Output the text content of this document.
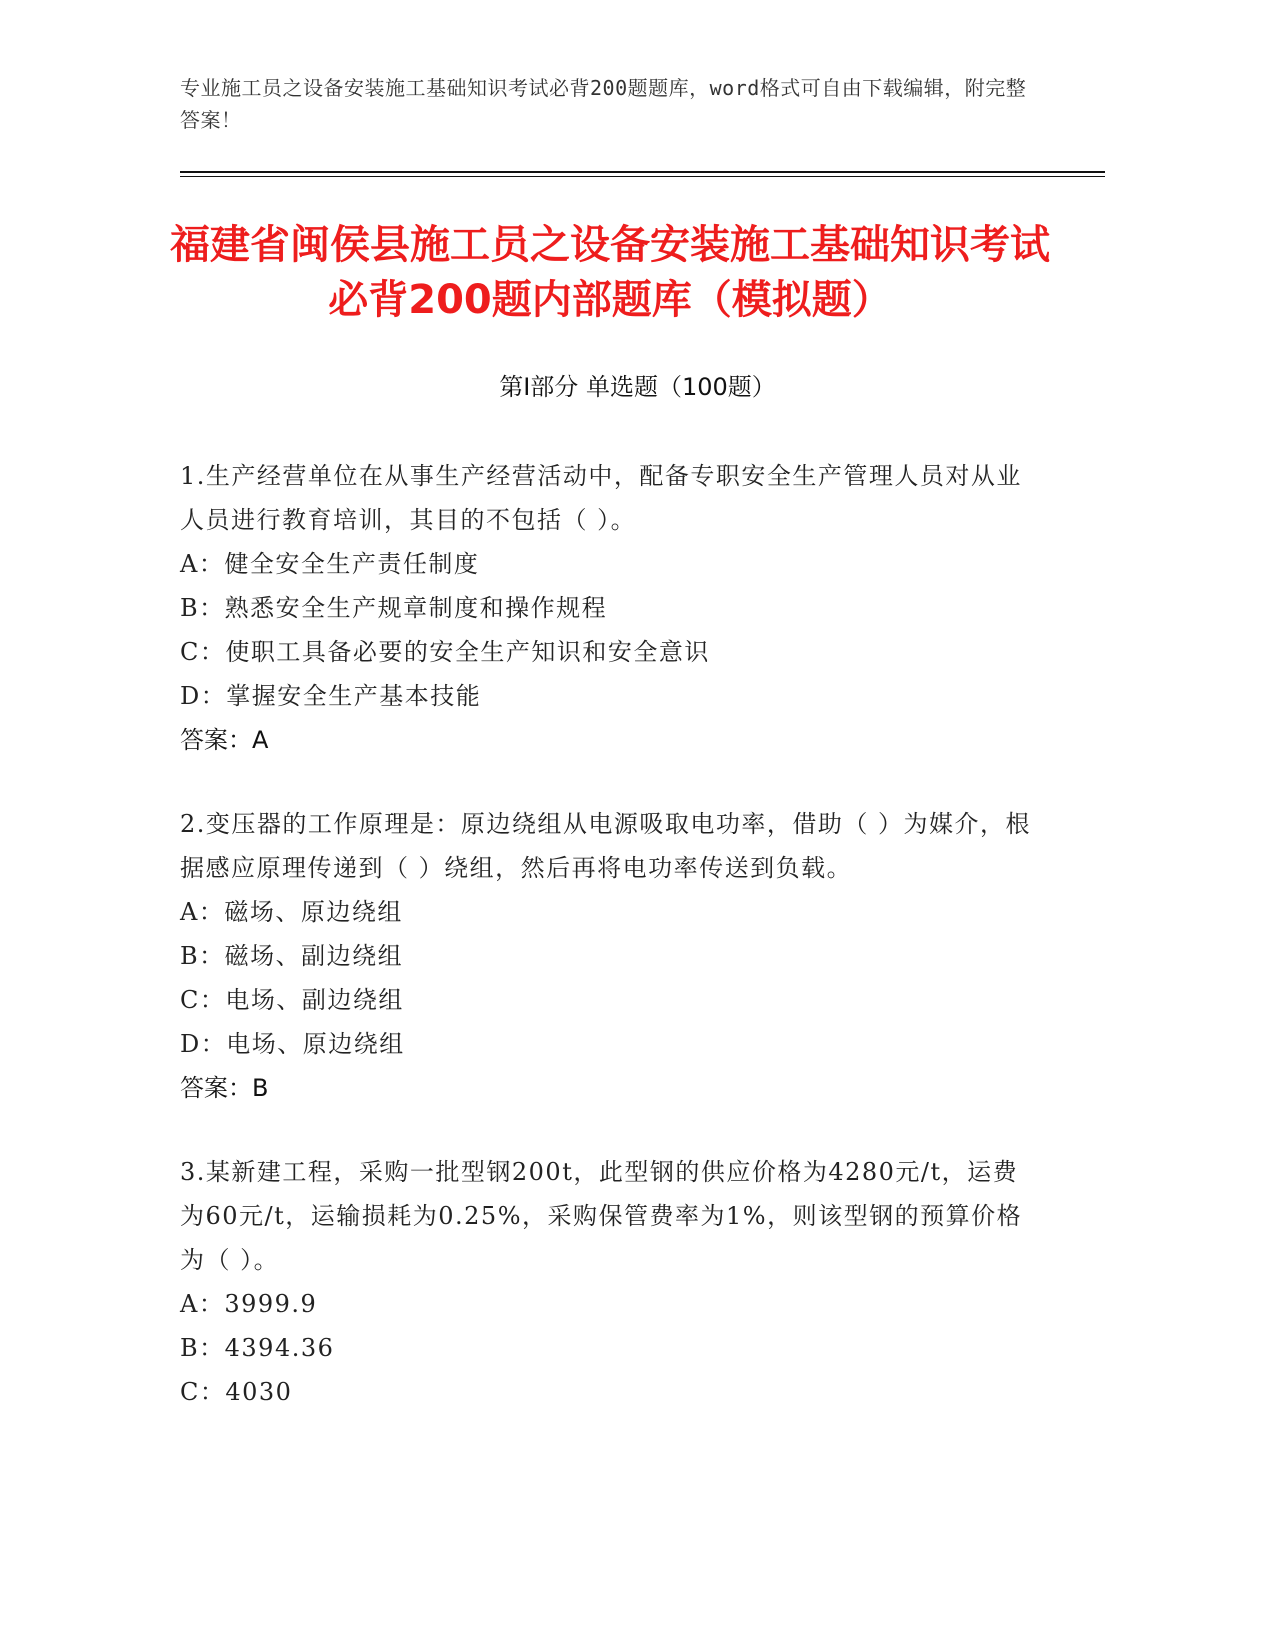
专业施工员之设备安装施工基础知识考试必背200题题库，word格式可自由下载编辑，附完整答案！
福建省闽侯县施工员之设备安装施工基础知识考试必背200题内部题库（模拟题）
第I部分 单选题（100题）
1.生产经营单位在从事生产经营活动中，配备专职安全生产管理人员对从业人员进行教育培训，其目的不包括（ ）。
A：健全安全生产责任制度
B：熟悉安全生产规章制度和操作规程
C：使职工具备必要的安全生产知识和安全意识
D：掌握安全生产基本技能
答案：A
2.变压器的工作原理是：原边绕组从电源吸取电功率，借助（ ）为媒介，根据感应原理传递到（ ）绕组，然后再将电功率传送到负载。
A：磁场、原边绕组
B：磁场、副边绕组
C：电场、副边绕组
D：电场、原边绕组
答案：B
3.某新建工程，采购一批型钢200t，此型钢的供应价格为4280元/t，运费为60元/t，运输损耗为0.25%，采购保管费率为1%，则该型钢的预算价格为（ ）。
A：3999.9
B：4394.36
C：4030
